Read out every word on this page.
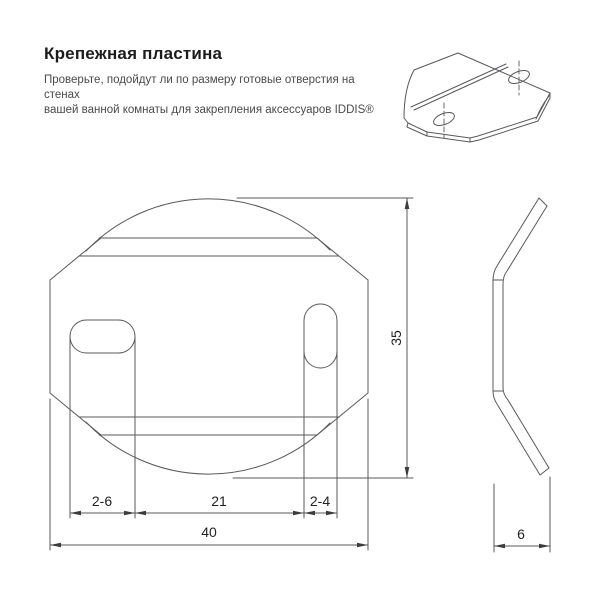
Крепежная пластина
Проверьте, подойдут ли по размеру готовые отверстия на стенах
вашей ванной комнаты для закрепления аксессуаров IDDIS®
35
2-6	21	2-4
40	6
